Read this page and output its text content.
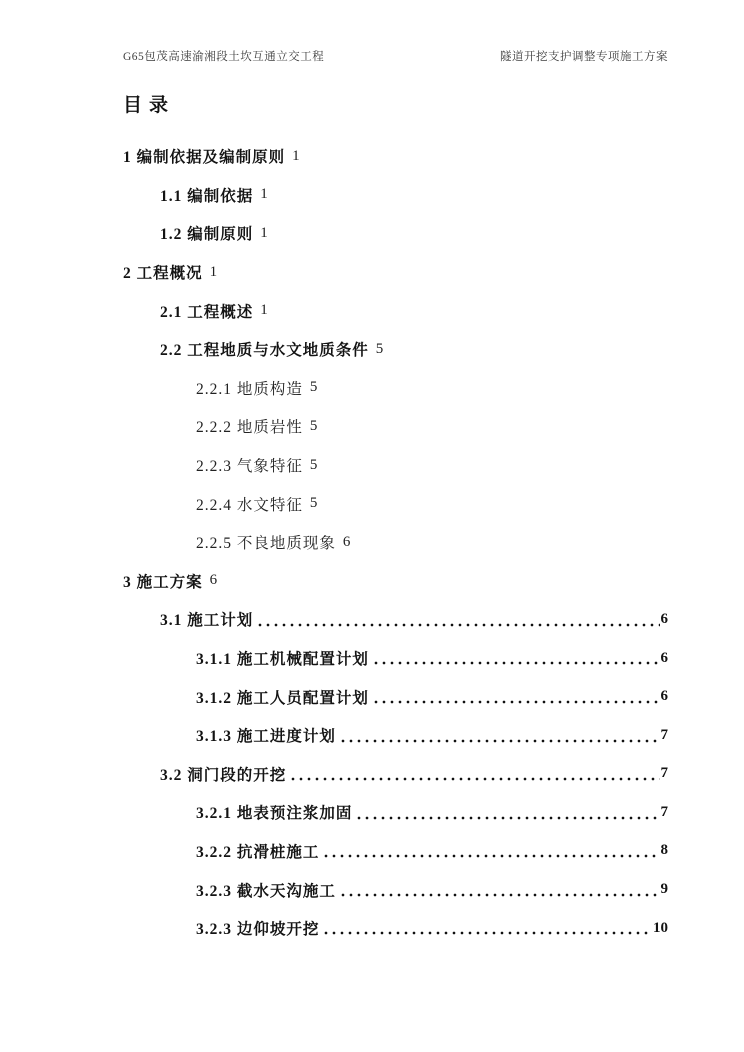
G65包茂高速渝湘段土坎互通立交工程	隧道开挖支护调整专项施工方案
目录
1 编制依据及编制原则 1
1.1 编制依据 1
1.2 编制原则 1
2 工程概况 1
2.1 工程概述 1
2.2 工程地质与水文地质条件 5
2.2.1 地质构造 5
2.2.2 地质岩性 5
2.2.3 气象特征 5
2.2.4 水文特征 5
2.2.5 不良地质现象 6
3 施工方案 6
3.1 施工计划	6
3.1.1 施工机械配置计划	6
3.1.2 施工人员配置计划	6
3.1.3 施工进度计划	7
3.2 洞门段的开挖	7
3.2.1 地表预注浆加固	7
3.2.2 抗滑桩施工	8
3.2.3 截水天沟施工	9
3.2.3 边仰坡开挖	10
